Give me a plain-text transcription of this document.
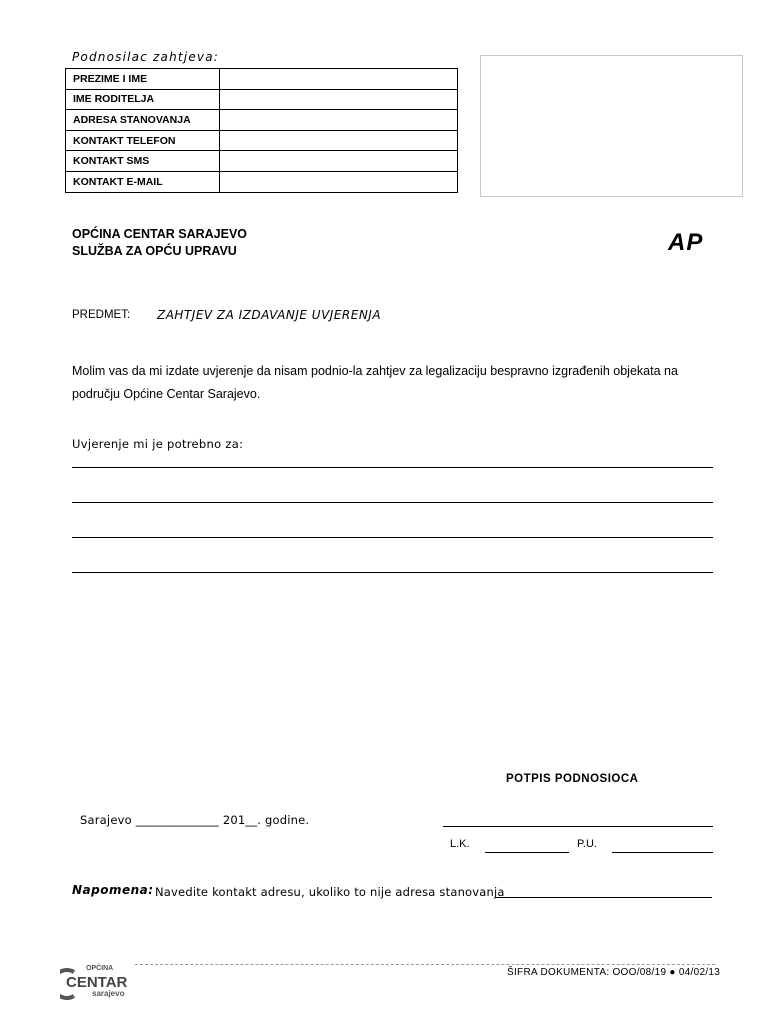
Podnosilac zahtjeva:
PREZIME I IME	
IME RODITELJA	
ADRESA STANOVANJA	
KONTAKT TELEFON	
KONTAKT SMS	
KONTAKT E-MAIL	
OPĆINA CENTAR SARAJEVO
SLUŽBA ZA OPĆU UPRAVU	AP
PREDMET: ZAHTJEV ZA IZDAVANJE UVJERENJA
Molim vas da mi izdate uvjerenje da nisam podnio-la zahtjev za legalizaciju bespravno izgrađenih objekata na
području Općine Centar Sarajevo.
Uvjerenje mi je potrebno za:
POTPIS PODNOSIOCA
Sarajevo ______________ 201__. godine.
L.K.	P.U.
Napomena: Navedite kontakt adresu, ukoliko to nije adresa stanovanja
OPĆINA
CENTAR
sarajevo
ŠIFRA DOKUMENTA: OOO/08/19 ● 04/02/13
